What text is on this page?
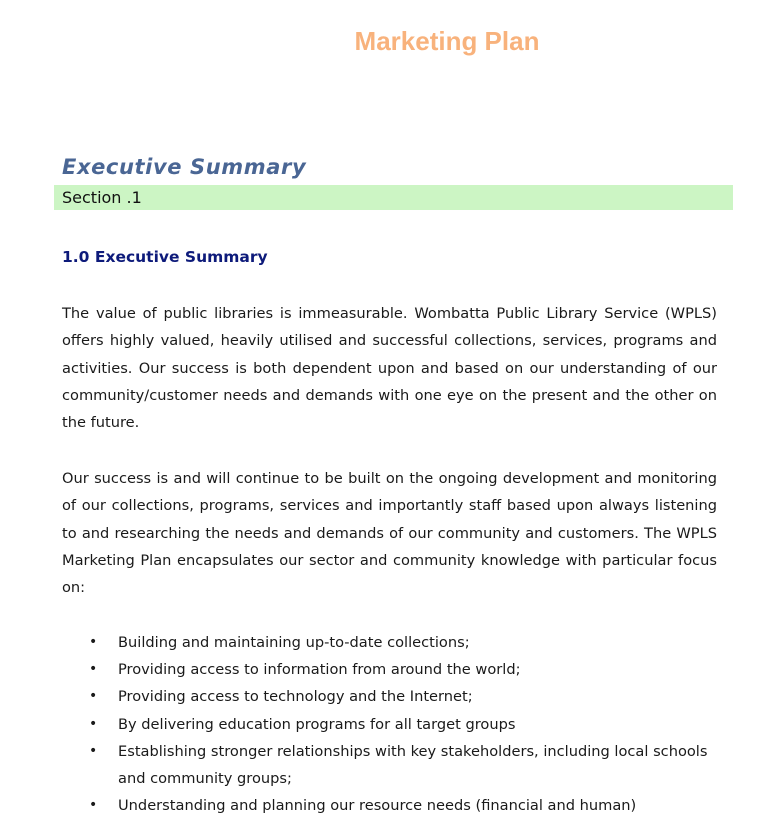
Marketing Plan
Executive Summary
Section .1
1.0 Executive Summary

The value of public libraries is immeasurable. Wombatta Public Library Service (WPLS) offers highly valued, heavily utilised and successful collections, services, programs and activities. Our success is both dependent upon and based on our understanding of our community/customer needs and demands with one eye on the present and the other on the future.

Our success is and will continue to be built on the ongoing development and monitoring of our collections, programs, services and importantly staff based upon always listening to and researching the needs and demands of our community and customers. The WPLS Marketing Plan encapsulates our sector and community knowledge with particular focus on:

• Building and maintaining up-to-date collections;
• Providing access to information from around the world;
• Providing access to technology and the Internet;
• By delivering education programs for all target groups
• Establishing stronger relationships with key stakeholders, including local schools and community groups;
• Understanding and planning our resource needs (financial and human)
